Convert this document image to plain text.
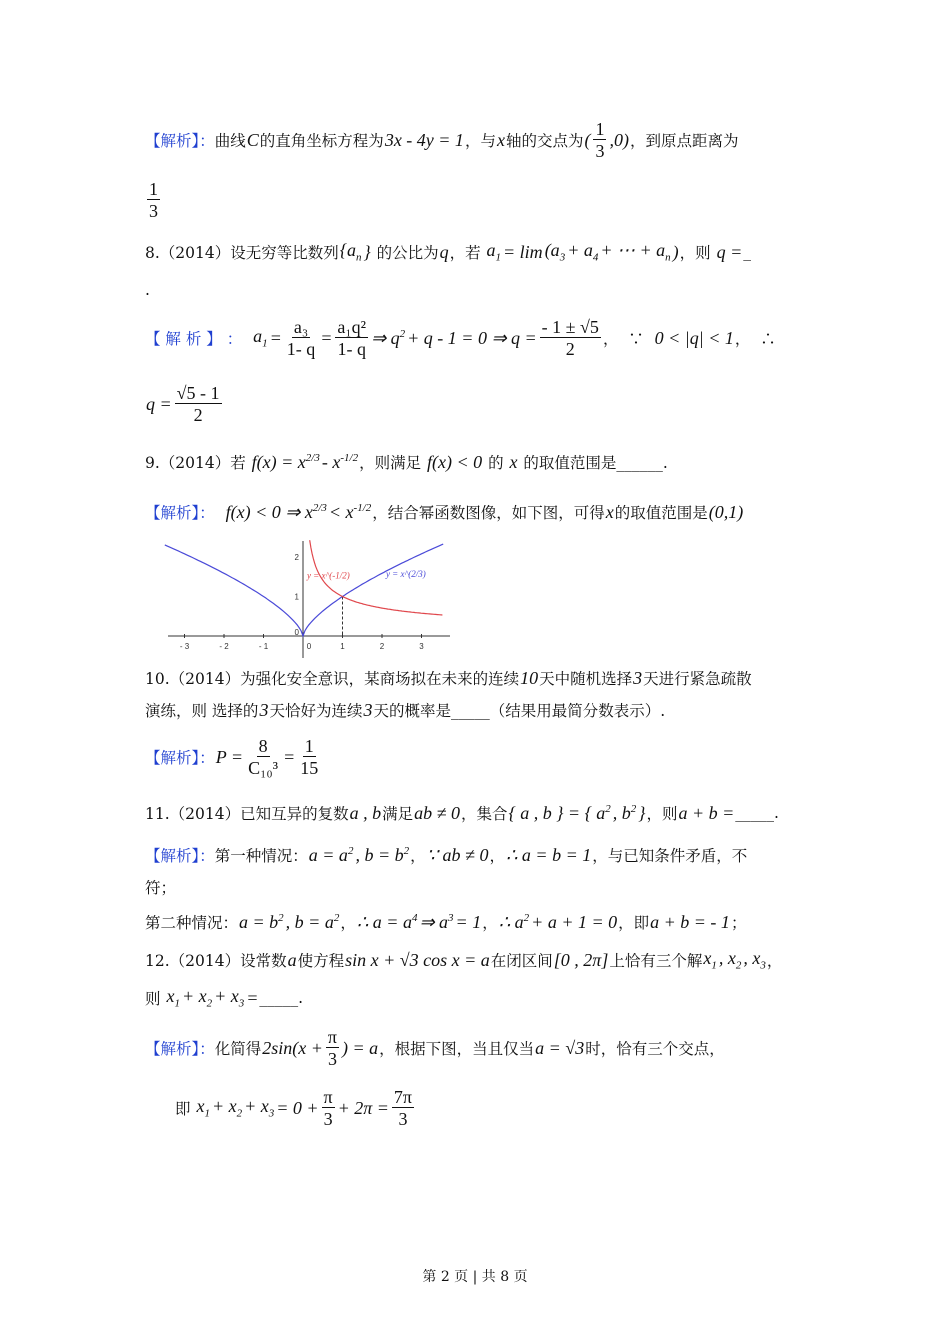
【解析】： 曲线 C 的直角坐标方程为 3x - 4y = 1 ，与 x 轴的交点为 ( $\frac{1}{3} ,0$) ，到原点距离为
$\frac{1}{3}$
8.（2014）设无穷等比数列 {$a_n$ } 的公比为 q ，若 $a_1 = \lim (a_3 + a_4$ + ⋯ + $a_n$ ) ，则 q = _
.
【 解 析 】 ：
$a_1 = \frac{\text{a₃}}{1- q} = \frac{\text{a₁q²}}{1- q}$ ⇒ $q^2 + q - 1 = 0$ ⇒ $q = \frac{- 1 \pm √5}{2}$ ，  ∵ 0 < |q| < 1 ，  ∴
$q = \frac{√5 - 1}{2}$
9.（2014）若 $f(x) = x^{2/3} - x^{-1/2}$ ，则满足 f(x) < 0 的 x 的取值范围是______.
【解析】：
f(x) < 0 ⇒ $x^{2/3} < x^{-1/2}$ ，结合幂函数图像，如下图，可得 x 的取值范围是 (0,1)
10.（2014）为强化安全意识，某商场拟在未来的连续 10 天中随机选择 3 天进行紧急疏散
演练，则 选择的 3 天恰好为连续 3 天的概率是_____（结果用最简分数表示）.
【解析】： $P = \frac{8}{\text{C₁₀³}} = \frac{1}{15}$
11.（2014）已知互异的复数 a , b 满足 ab ≠ 0 ，集合 { a , b } = { $a^2$ , $b^2$ } ，则 a + b = _____.
【解析】： 第一种情况： $a = a^2$ , $b = b^2$ ， ∵ ab ≠ 0 ， ∴ a = b = 1 ，与已知条件矛盾，不
符；
第二种情况： $a = b^2$ , $b = a^2$ ， ∴ $a = a^4$ ⇒ $a^3 = 1$ ， ∴ $a^2 + a + 1 = 0$ ，即 a + b = - 1 ；
12.（2014）设常数 a 使方程 sin x + √3 cos x = a 在闭区间 [0 , 2π] 上恰有三个解 $x_1$ , $x_2$ , $x_3$ ，
则 $x_1 + x_2 + x_3$ = _____.
【解析】： 化简得 $2\sin(x + \frac{\pi}{3}$ ) = a ，根据下图，当且仅当 a = √3 时，恰有三个交点，
即 $x_1 + x_2 + x_3 = 0 + \frac{\pi}{3} + 2\pi = \frac{7\pi}{3}$
- 3	- 2	- 1	0	1	2	3
0
1
2
y = x^(-1/2)	y = x^(2/3)
第 2 页 | 共 8 页
